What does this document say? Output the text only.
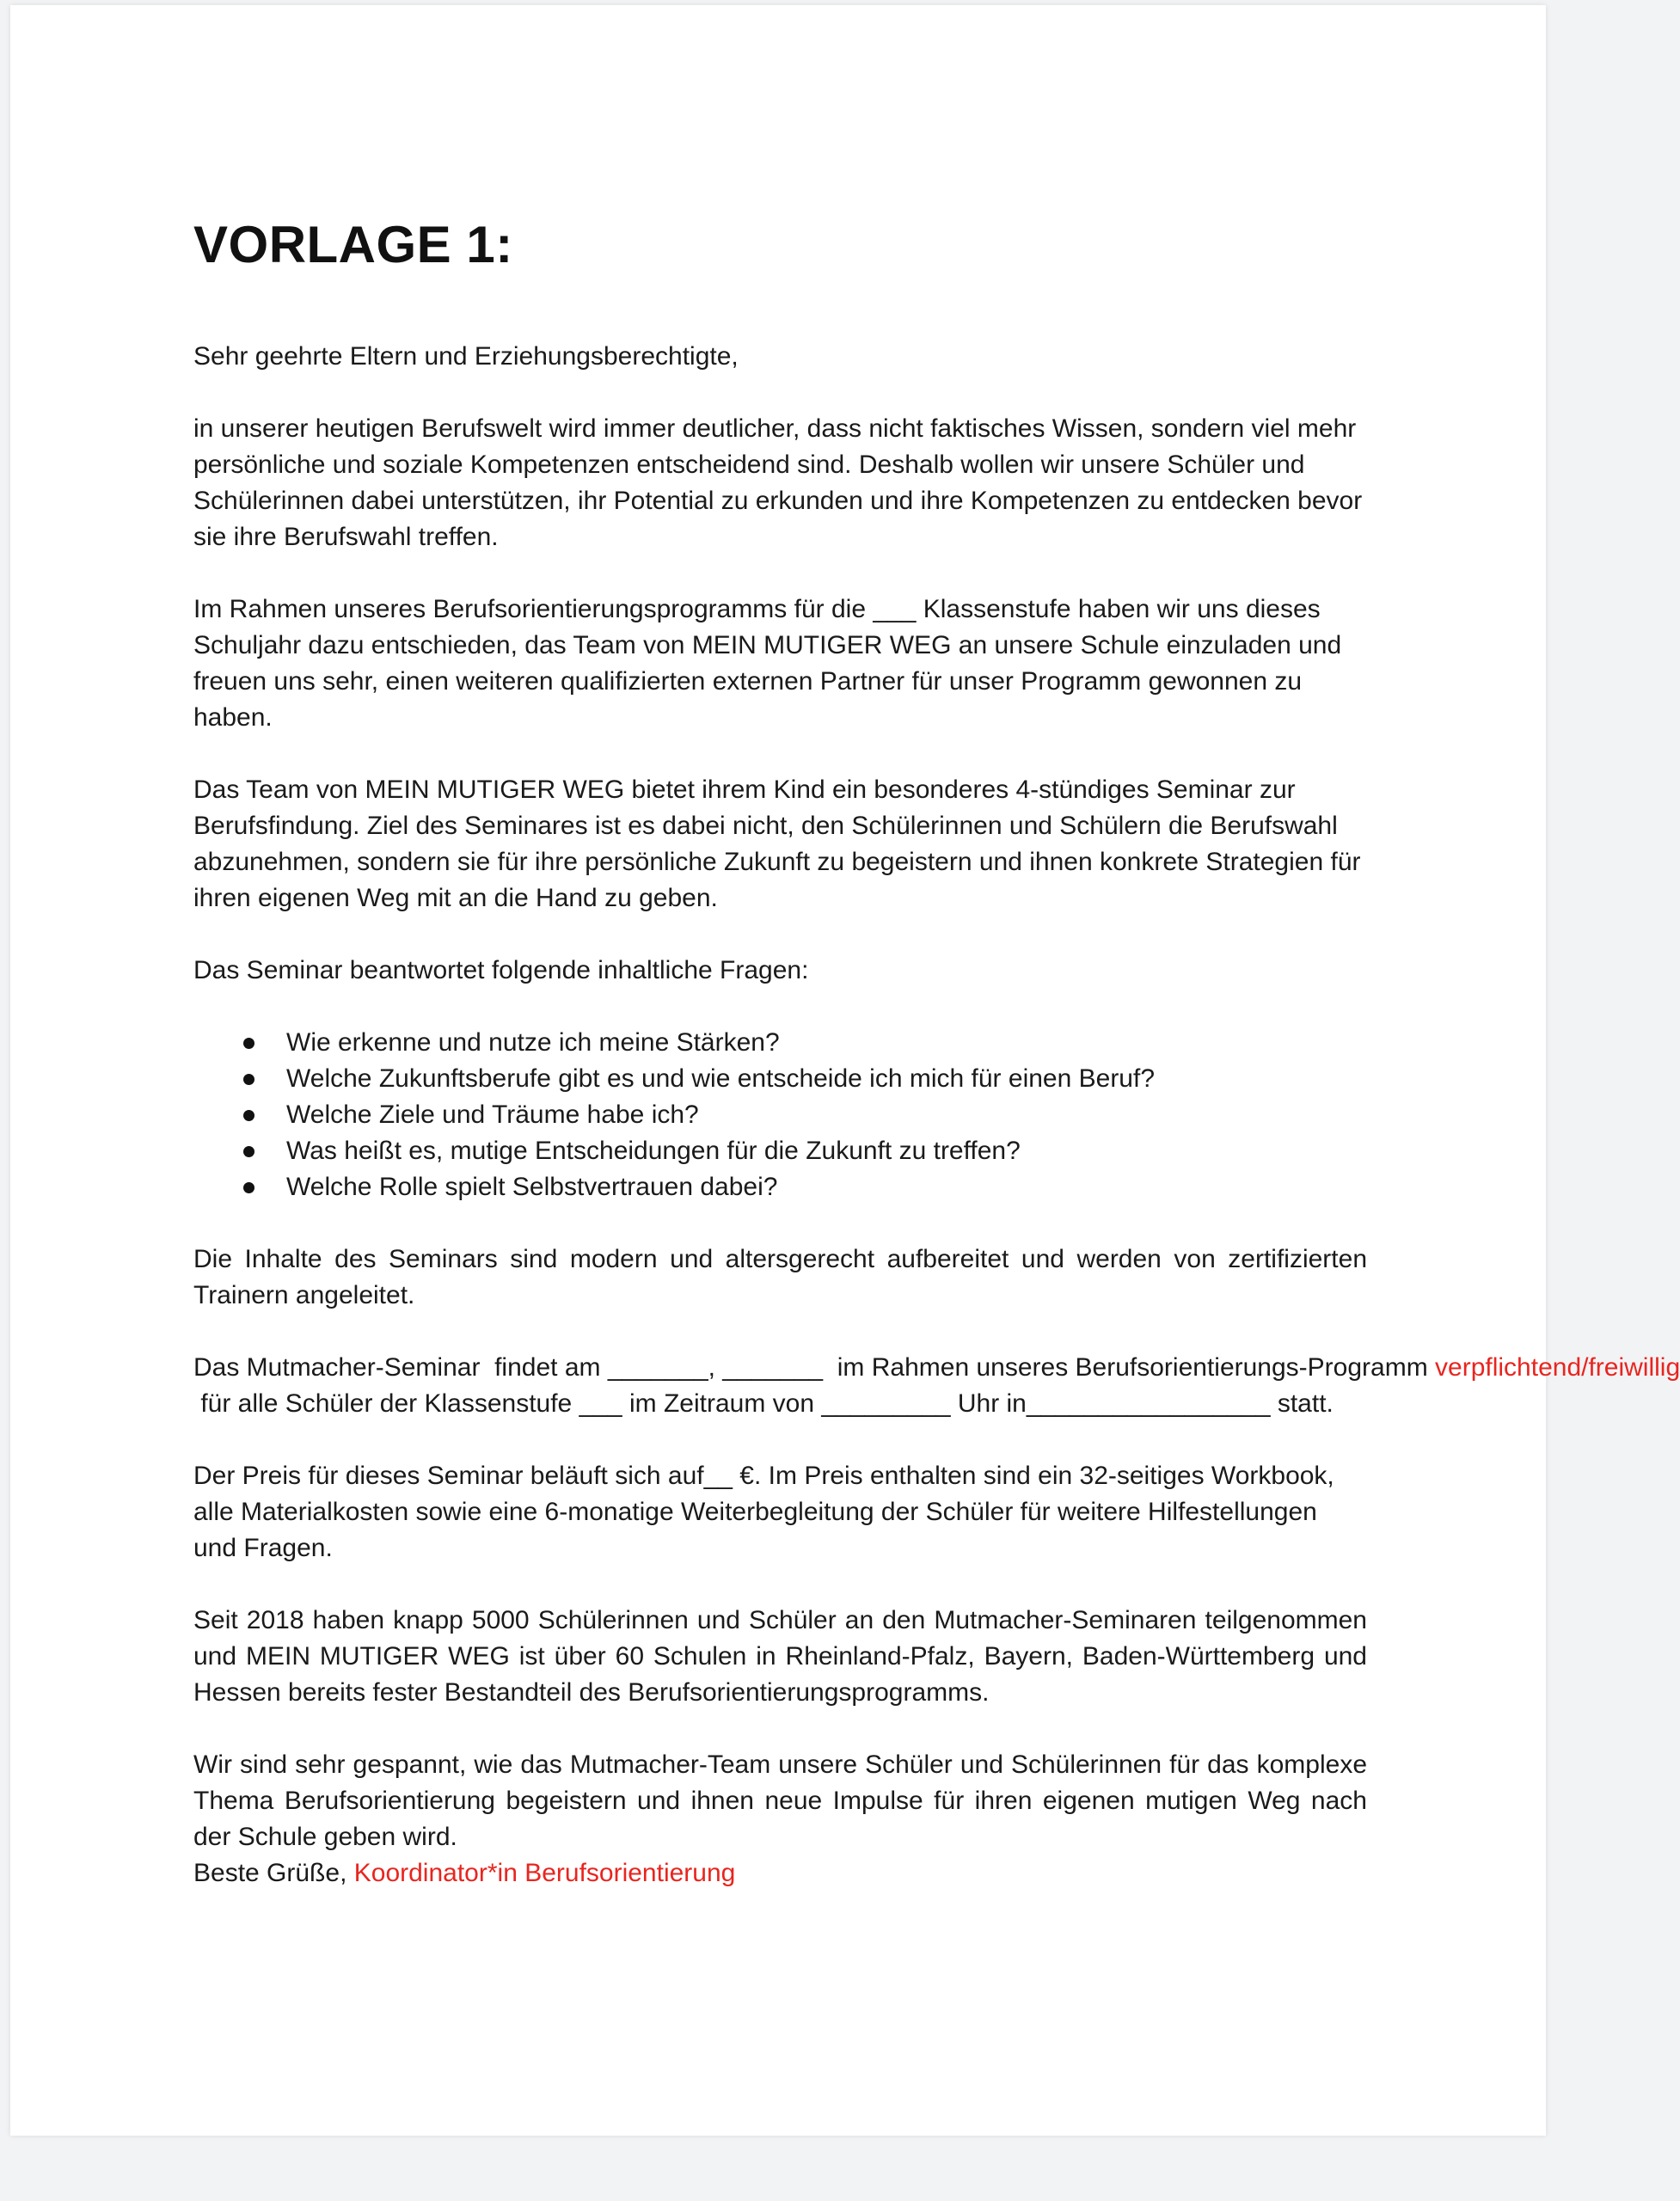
VORLAGE 1:

Sehr geehrte Eltern und Erziehungsberechtigte,

in unserer heutigen Berufswelt wird immer deutlicher, dass nicht faktisches Wissen, sondern viel mehr persönliche und soziale Kompetenzen entscheidend sind. Deshalb wollen wir unsere Schüler und Schülerinnen dabei unterstützen, ihr Potential zu erkunden und ihre Kompetenzen zu entdecken bevor sie ihre Berufswahl treffen.

Im Rahmen unseres Berufsorientierungsprogramms für die ___ Klassenstufe haben wir uns dieses Schuljahr dazu entschieden, das Team von MEIN MUTIGER WEG an unsere Schule einzuladen und freuen uns sehr, einen weiteren qualifizierten externen Partner für unser Programm gewonnen zu haben.

Das Team von MEIN MUTIGER WEG bietet ihrem Kind ein besonderes 4-stündiges Seminar zur Berufsfindung. Ziel des Seminares ist es dabei nicht, den Schülerinnen und Schülern die Berufswahl abzunehmen, sondern sie für ihre persönliche Zukunft zu begeistern und ihnen konkrete Strategien für ihren eigenen Weg mit an die Hand zu geben.

Das Seminar beantwortet folgende inhaltliche Fragen:

Wie erkenne und nutze ich meine Stärken?
Welche Zukunftsberufe gibt es und wie entscheide ich mich für einen Beruf?
Welche Ziele und Träume habe ich?
Was heißt es, mutige Entscheidungen für die Zukunft zu treffen?
Welche Rolle spielt Selbstvertrauen dabei?

Die Inhalte des Seminars sind modern und altersgerecht aufbereitet und werden von zertifizierten Trainern angeleitet.

Das Mutmacher-Seminar  findet am _______, _______  im Rahmen unseres Berufsorientierungs-Programm verpflichtend/freiwillig für alle Schüler der Klassenstufe ___ im Zeitraum von _________ Uhr in_________________ statt.

Der Preis für dieses Seminar beläuft sich auf__ €. Im Preis enthalten sind ein 32-seitiges Workbook, alle Materialkosten sowie eine 6-monatige Weiterbegleitung der Schüler für weitere Hilfestellungen und Fragen.

Seit 2018 haben knapp 5000 Schülerinnen und Schüler an den Mutmacher-Seminaren teilgenommen und MEIN MUTIGER WEG ist über 60 Schulen in Rheinland-Pfalz, Bayern, Baden-Württemberg und Hessen bereits fester Bestandteil des Berufsorientierungsprogramms.

Wir sind sehr gespannt, wie das Mutmacher-Team unsere Schüler und Schülerinnen für das komplexe Thema Berufsorientierung begeistern und ihnen neue Impulse für ihren eigenen mutigen Weg nach der Schule geben wird.

Beste Grüße, Koordinator*in Berufsorientierung
